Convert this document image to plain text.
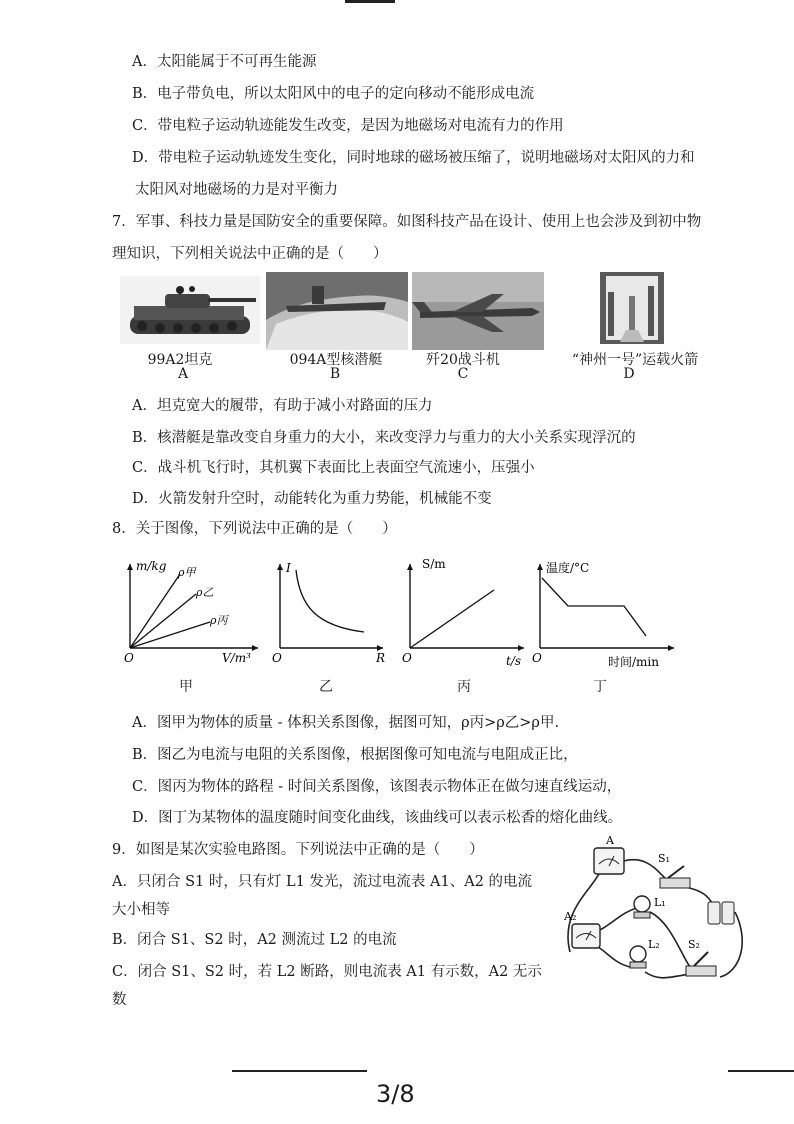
A．太阳能属于不可再生能源
B．电子带负电，所以太阳风中的电子的定向移动不能形成电流
C．带电粒子运动轨迹能发生改变，是因为地磁场对电流有力的作用
D．带电粒子运动轨迹发生变化，同时地球的磁场被压缩了，说明地磁场对太阳风的力和
太阳风对地磁场的力是对平衡力
7．军事、科技力量是国防安全的重要保障。如图科技产品在设计、使用上也会涉及到初中物
理知识，下列相关说法中正确的是（　　）
99A2坦克	094A型核潜艇	歼20战斗机	“神州一号”运载火箭
A	B	C	D
A．坦克宽大的履带，有助于减小对路面的压力
B．核潜艇是靠改变自身重力的大小，来改变浮力与重力的大小关系实现浮沉的
C．战斗机飞行时，其机翼下表面比上表面空气流速小，压强小
D．火箭发射升空时，动能转化为重力势能，机械能不变
8．关于图像，下列说法中正确的是（　　）
m/kg ρ甲
ρ乙
ρ丙
O	V/m³
甲
I
O	R
乙
S/m
O	t/s
丙
温度/°C
O	时间/min
丁
A．图甲为物体的质量 - 体积关系图像，据图可知，ρ丙>ρ乙>ρ甲.
B．图乙为电流与电阻的关系图像，根据图像可知电流与电阻成正比，
C．图丙为物体的路程 - 时间关系图像，该图表示物体正在做匀速直线运动，
D．图丁为某物体的温度随时间变化曲线，该曲线可以表示松香的熔化曲线。
9．如图是某次实验电路图。下列说法中正确的是（　　）
A．只闭合 S1 时，只有灯 L1 发光，流过电流表 A1、A2 的电流
大小相等
B．闭合 S1、S2 时，A2 测流过 L2 的电流
C．闭合 S1、S2 时，若 L2 断路，则电流表 A1 有示数，A2 无示
数
A
S₁
L₁
A₂
L₂	S₂
3/8
